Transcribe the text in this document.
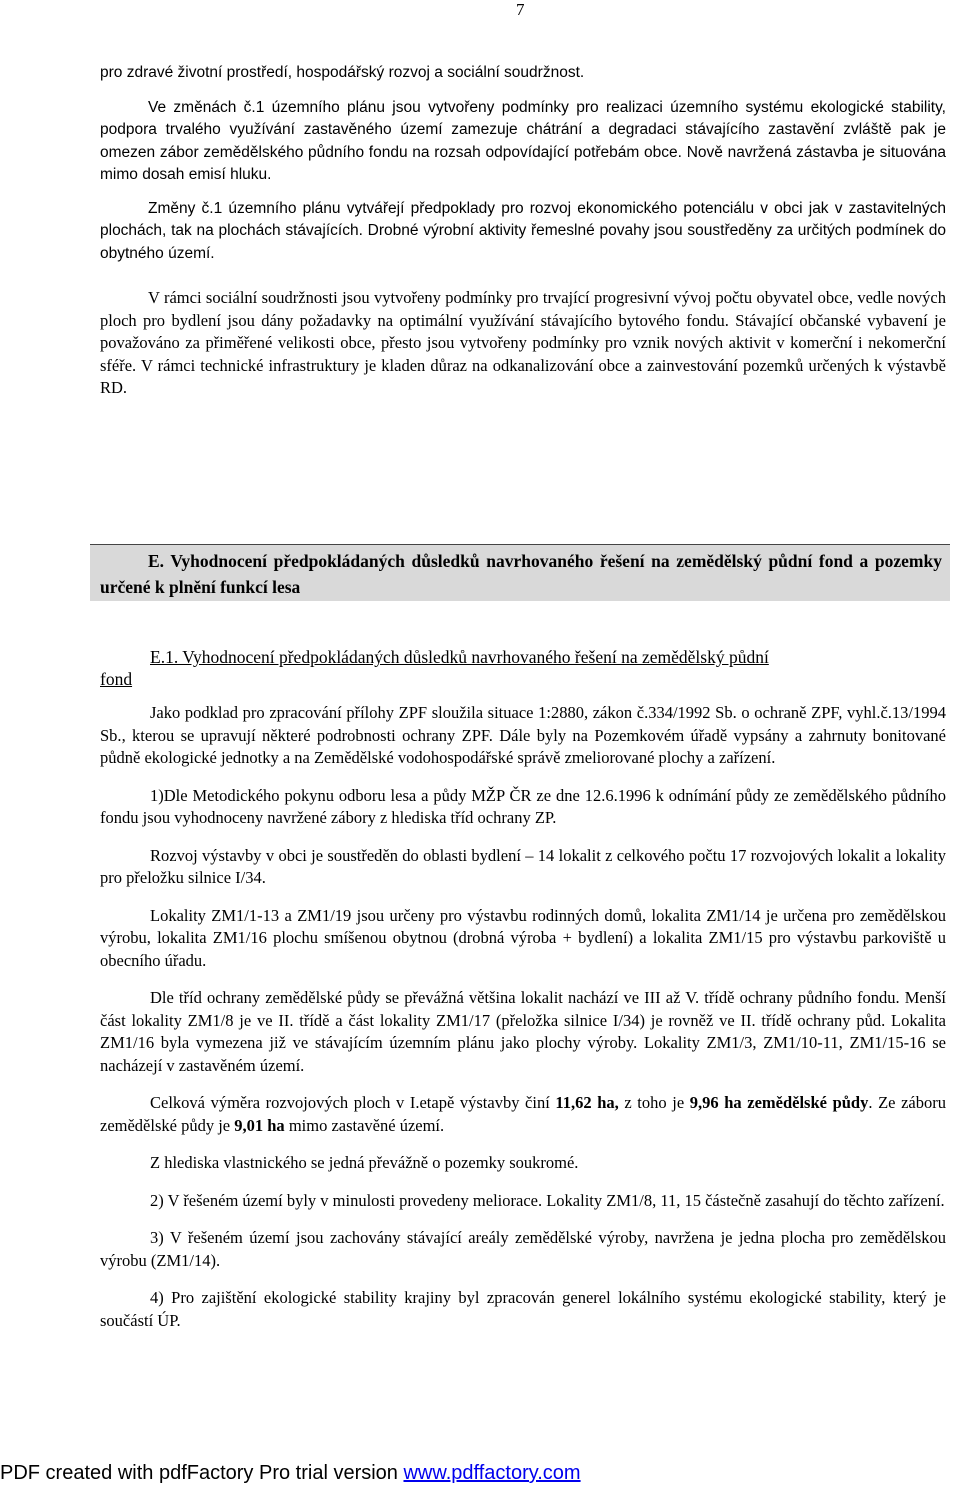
7

pro zdravé životní prostředí, hospodářský rozvoj a sociální soudržnost.

Ve změnách č.1 územního plánu jsou vytvořeny podmínky pro realizaci územního systému ekologické stability, podpora trvalého využívání zastavěného území zamezuje chátrání a degradaci stávajícího zastavění zvláště pak je omezen zábor zemědělského půdního fondu na rozsah odpovídající potřebám obce. Nově navržená zástavba je situována mimo dosah emisí hluku.

Změny č.1 územního plánu vytvářejí předpoklady pro rozvoj ekonomického potenciálu v obci jak v zastavitelných plochách, tak na plochách stávajících. Drobné výrobní aktivity řemeslné povahy jsou soustředěny za určitých podmínek do obytného území.

V rámci sociální soudržnosti jsou vytvořeny podmínky pro trvající progresivní vývoj počtu obyvatel obce, vedle nových ploch pro bydlení jsou dány požadavky na optimální využívání stávajícího bytového fondu. Stávající občanské vybavení je považováno za přiměřené velikosti obce, přesto jsou vytvořeny podmínky pro vznik nových aktivit v komerční i nekomerční sféře. V rámci technické infrastruktury je kladen důraz na odkanalizování obce a zainvestování pozemků určených k výstavbě RD.

E. Vyhodnocení předpokládaných důsledků navrhovaného řešení na zemědělský půdní fond a pozemky určené k plnění funkcí lesa

E.1. Vyhodnocení předpokládaných důsledků navrhovaného řešení na zemědělský půdní
fond

Jako podklad pro zpracování přílohy ZPF sloužila situace 1:2880, zákon č.334/1992 Sb. o ochraně ZPF, vyhl.č.13/1994 Sb., kterou se upravují některé podrobnosti ochrany ZPF. Dále byly na Pozemkovém úřadě vypsány a zahrnuty bonitované půdně ekologické jednotky a na Zemědělské vodohospodářské správě zmeliorované plochy a zařízení.

1)Dle Metodického pokynu odboru lesa a půdy MŽP ČR ze dne 12.6.1996 k odnímání půdy ze zemědělského půdního fondu jsou vyhodnoceny navržené zábory z hlediska tříd ochrany ZP.

Rozvoj výstavby v obci je soustředěn do oblasti bydlení – 14 lokalit z celkového počtu 17 rozvojových lokalit a lokality pro přeložku silnice I/34.

Lokality ZM1/1-13 a ZM1/19 jsou určeny pro výstavbu rodinných domů, lokalita ZM1/14 je určena pro zemědělskou výrobu, lokalita ZM1/16 plochu smíšenou obytnou (drobná výroba + bydlení) a lokalita ZM1/15 pro výstavbu parkoviště u obecního úřadu.

Dle tříd ochrany zemědělské půdy se převážná většina lokalit nachází ve III až V. třídě ochrany půdního fondu. Menší část lokality ZM1/8 je ve II. třídě a část lokality ZM1/17 (přeložka silnice I/34) je rovněž ve II. třídě ochrany půd. Lokalita ZM1/16 byla vymezena již ve stávajícím územním plánu jako plochy výroby. Lokality ZM1/3, ZM1/10-11, ZM1/15-16 se nacházejí v zastavěném území.

Celková výměra rozvojových ploch v I.etapě výstavby činí 11,62 ha, z toho je 9,96 ha zemědělské půdy. Ze záboru zemědělské půdy je 9,01 ha mimo zastavěné území.

Z hlediska vlastnického se jedná převážně o pozemky soukromé.

2) V řešeném území byly v minulosti provedeny meliorace. Lokality ZM1/8, 11, 15 částečně zasahují do těchto zařízení.

3) V řešeném území jsou zachovány stávající areály zemědělské výroby, navržena je jedna plocha pro zemědělskou výrobu (ZM1/14).

4) Pro zajištění ekologické stability krajiny byl zpracován generel lokálního systému ekologické stability, který je součástí ÚP.

PDF created with pdfFactory Pro trial version www.pdffactory.com
